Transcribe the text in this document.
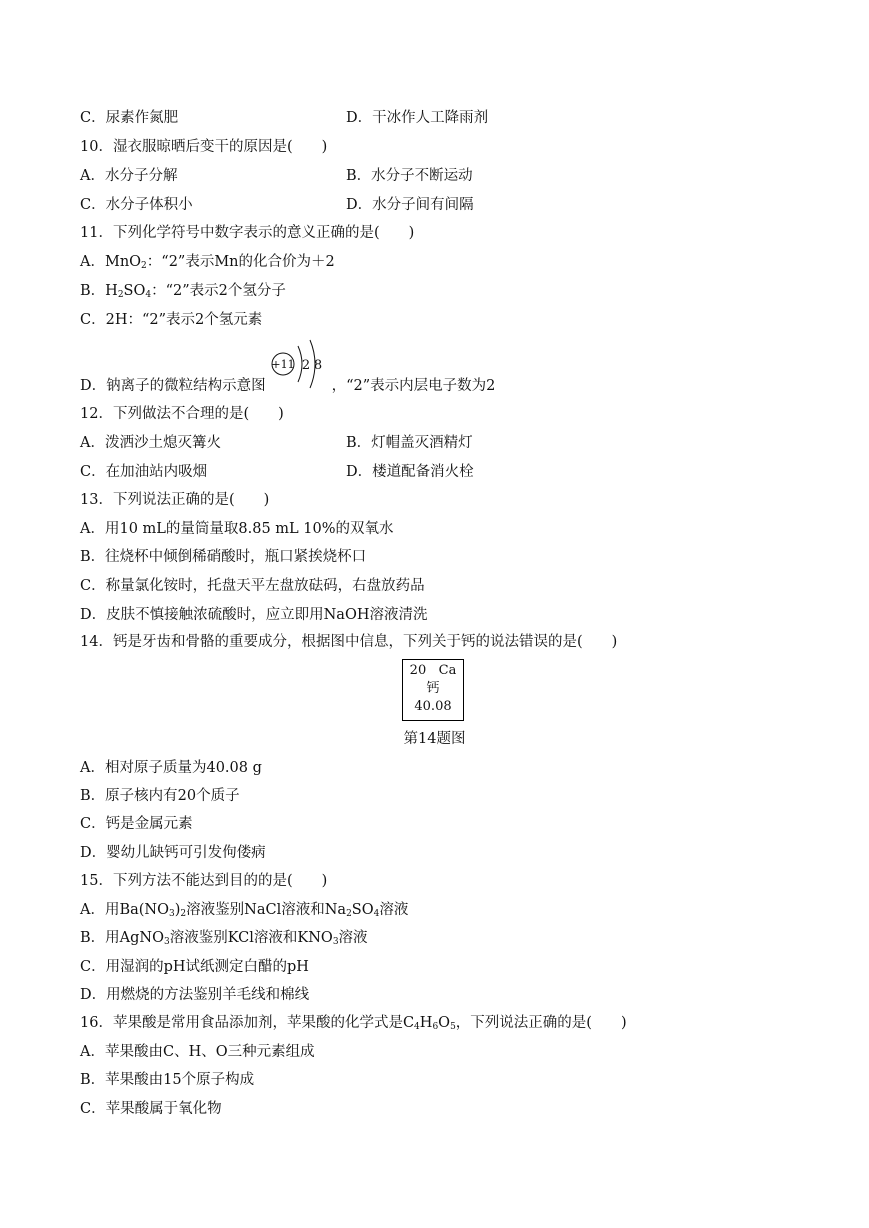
C．尿素作氮肥	D．干冰作人工降雨剂
10．湿衣服晾晒后变干的原因是(　　)
A．水分子分解	B．水分子不断运动
C．水分子体积小	D．水分子间有间隔
11．下列化学符号中数字表示的意义正确的是(　　)
A．MnO$_2$：“2”表示Mn的化合价为＋2
B．$H_2SO_4$：“2”表示2个氢分子
C．2H：“2”表示2个氢元素
+11 2 8
D．钠离子的微粒结构示意图	，“2”表示内层电子数为2
12．下列做法不合理的是(　　)
A．泼洒沙土熄灭篝火	B．灯帽盖灭酒精灯
C．在加油站内吸烟	D．楼道配备消火栓
13．下列说法正确的是(　　)
A．用10 mL的量筒量取8.85 mL 10%的双氧水
B．往烧杯中倾倒稀硝酸时，瓶口紧挨烧杯口
C．称量氯化铵时，托盘天平左盘放砝码，右盘放药品
D．皮肤不慎接触浓硫酸时，应立即用NaOH溶液清洗
14．钙是牙齿和骨骼的重要成分，根据图中信息，下列关于钙的说法错误的是(　　)
20 Ca
钙
40.08
第14题图
A．相对原子质量为40.08 g
B．原子核内有20个质子
C．钙是金属元素
D．婴幼儿缺钙可引发佝偻病
15．下列方法不能达到目的的是(　　)
A．用$Ba(NO_3)_2$溶液鉴别NaCl溶液和$Na_2SO_4$溶液
B．用AgNO$_3$溶液鉴别KCl溶液和$KNO_3$溶液
C．用湿润的pH试纸测定白醋的pH
D．用燃烧的方法鉴别羊毛线和棉线
16．苹果酸是常用食品添加剂，苹果酸的化学式是$C_4H_6O_5$，下列说法正确的是(　　)
A．苹果酸由C、H、O三种元素组成
B．苹果酸由15个原子构成
C．苹果酸属于氧化物
